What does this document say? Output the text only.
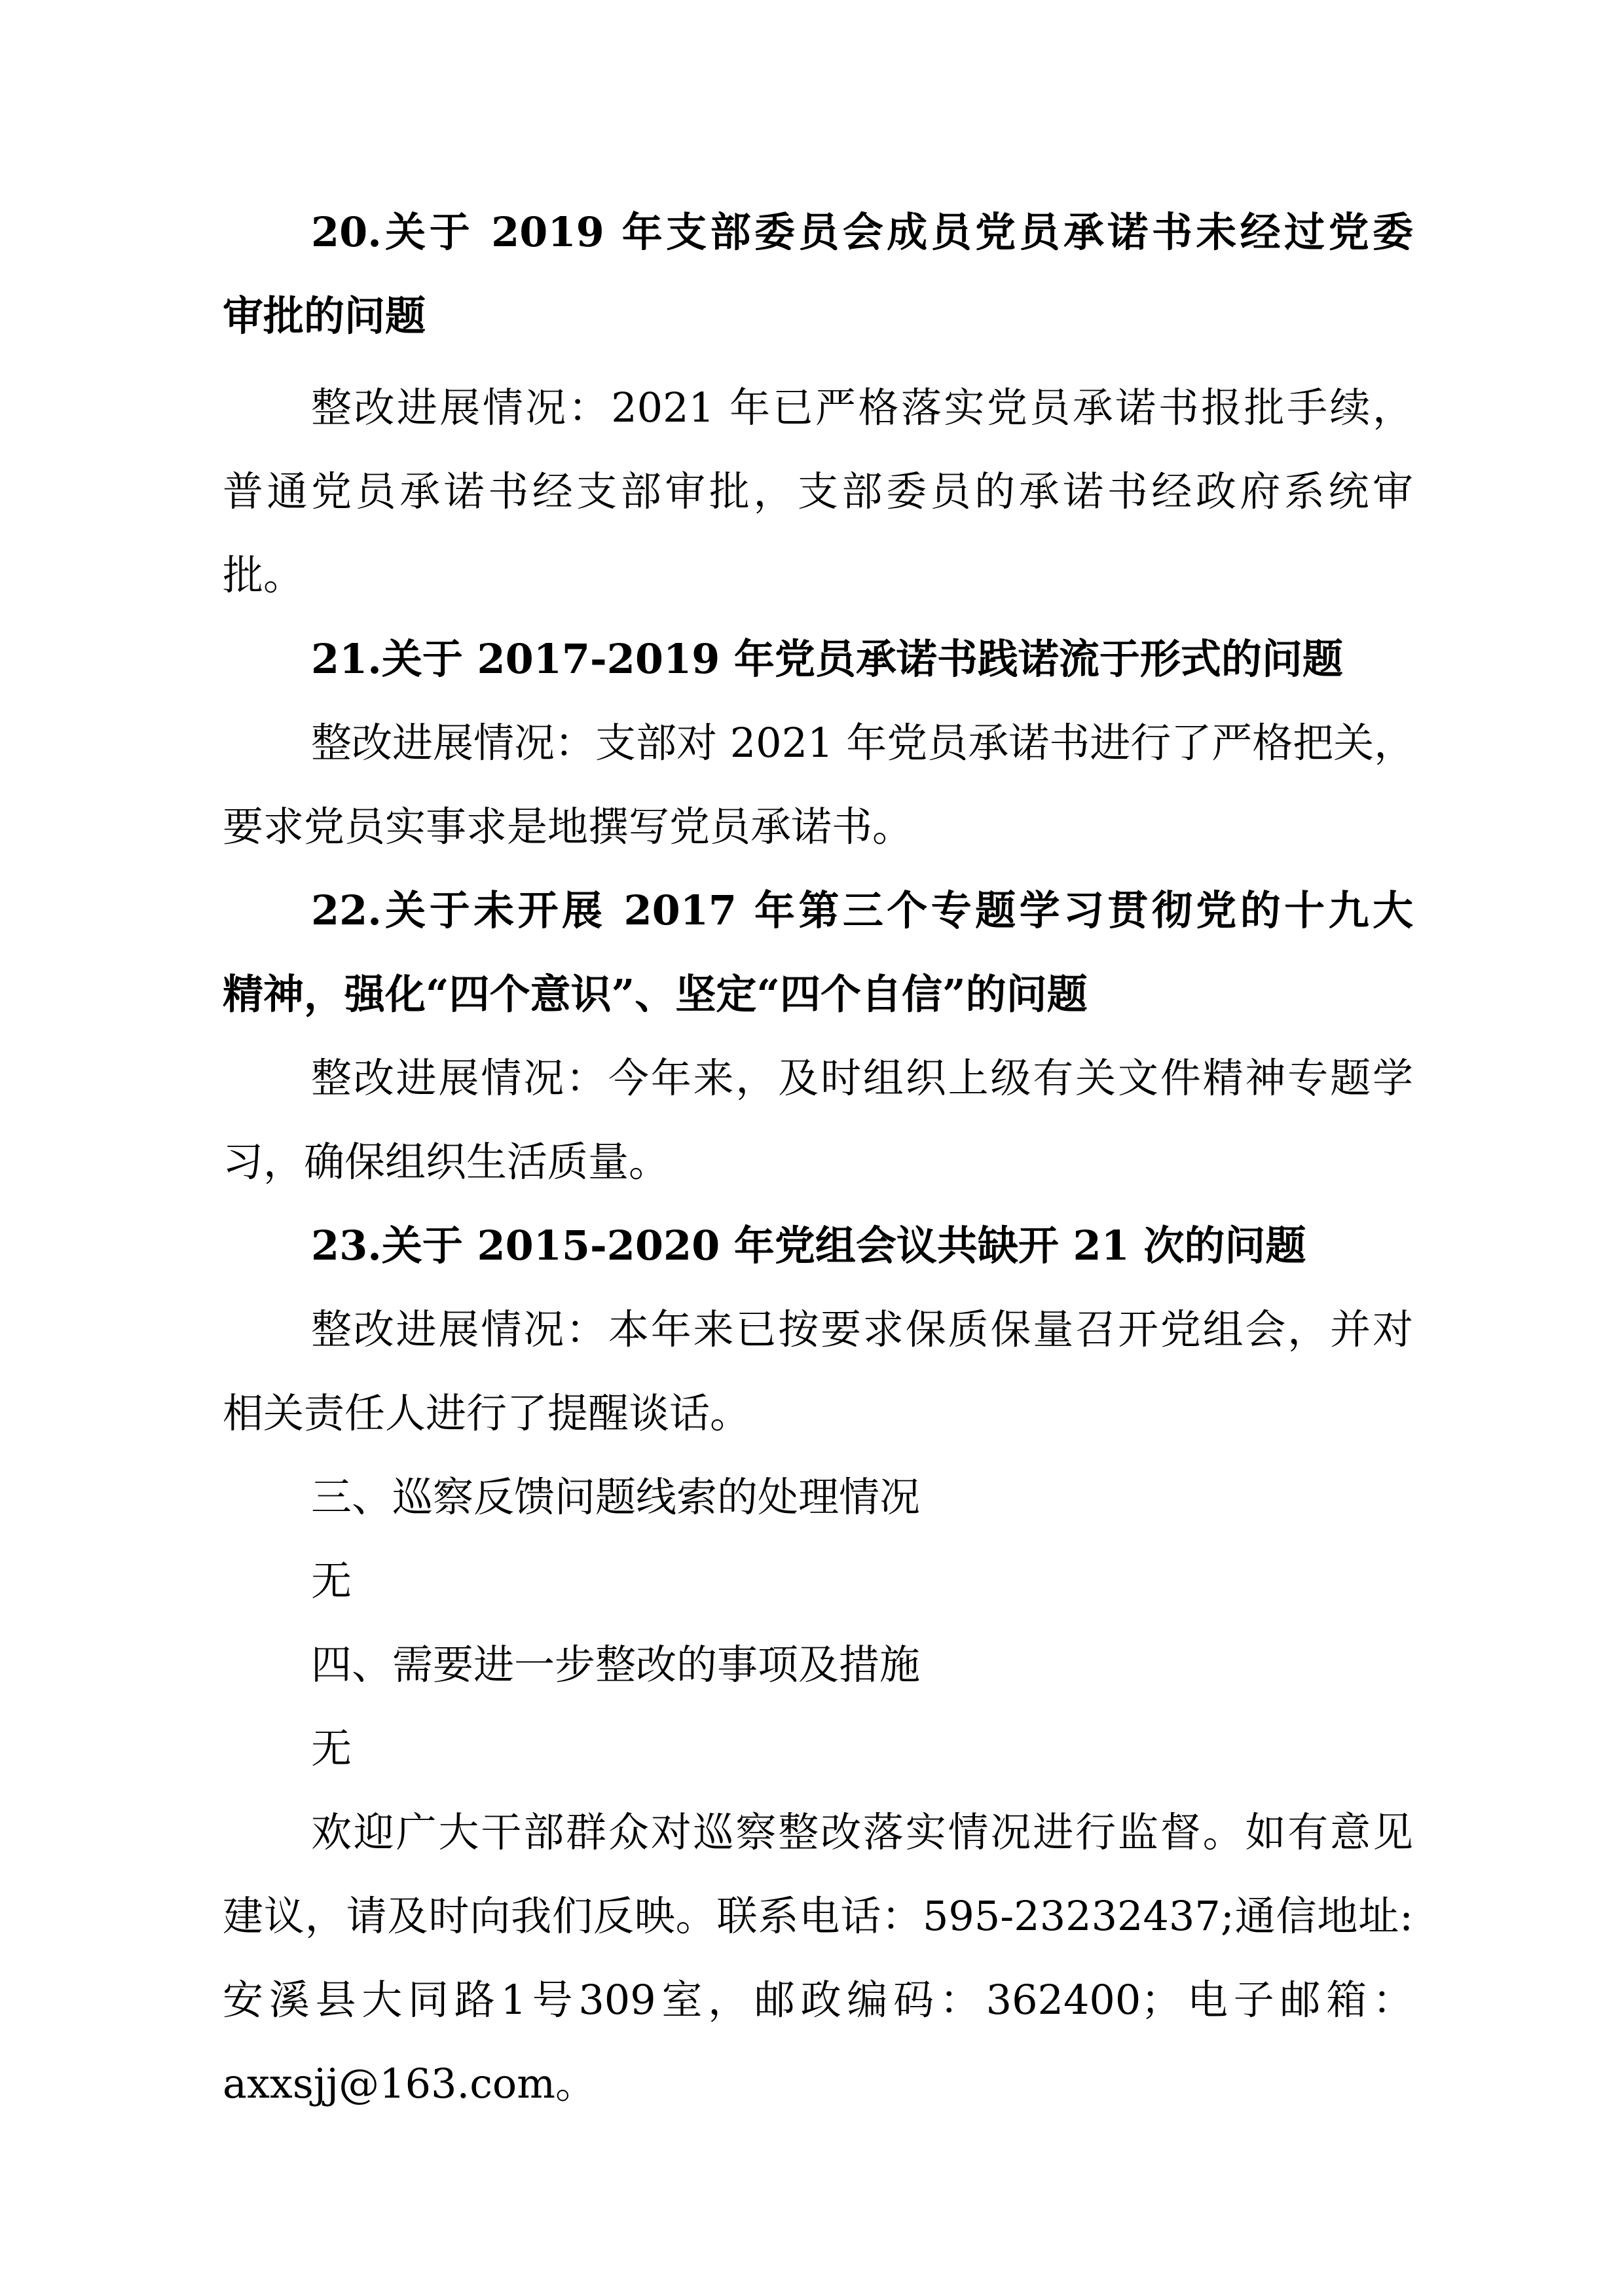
20.关于 2019 年支部委员会成员党员承诺书未经过党委

审批的问题

整改进展情况：2021 年已严格落实党员承诺书报批手续，

普通党员承诺书经支部审批，支部委员的承诺书经政府系统审

批。

21.关于 2017-2019 年党员承诺书践诺流于形式的问题

整改进展情况：支部对 2021 年党员承诺书进行了严格把关，

要求党员实事求是地撰写党员承诺书。

22.关于未开展 2017 年第三个专题学习贯彻党的十九大

精神，强化“四个意识”、坚定“四个自信”的问题

整改进展情况：今年来，及时组织上级有关文件精神专题学

习，确保组织生活质量。

23.关于 2015-2020 年党组会议共缺开 21 次的问题

整改进展情况：本年来已按要求保质保量召开党组会，并对

相关责任人进行了提醒谈话。

三、巡察反馈问题线索的处理情况

无

四、需要进一步整改的事项及措施

无

欢迎广大干部群众对巡察整改落实情况进行监督。如有意见

建议，请及时向我们反映。联系电话：595-23232437;通信地址:

安溪县大同路1号309室，邮政编码：362400；电子邮箱：

axxsjj@163.com。
